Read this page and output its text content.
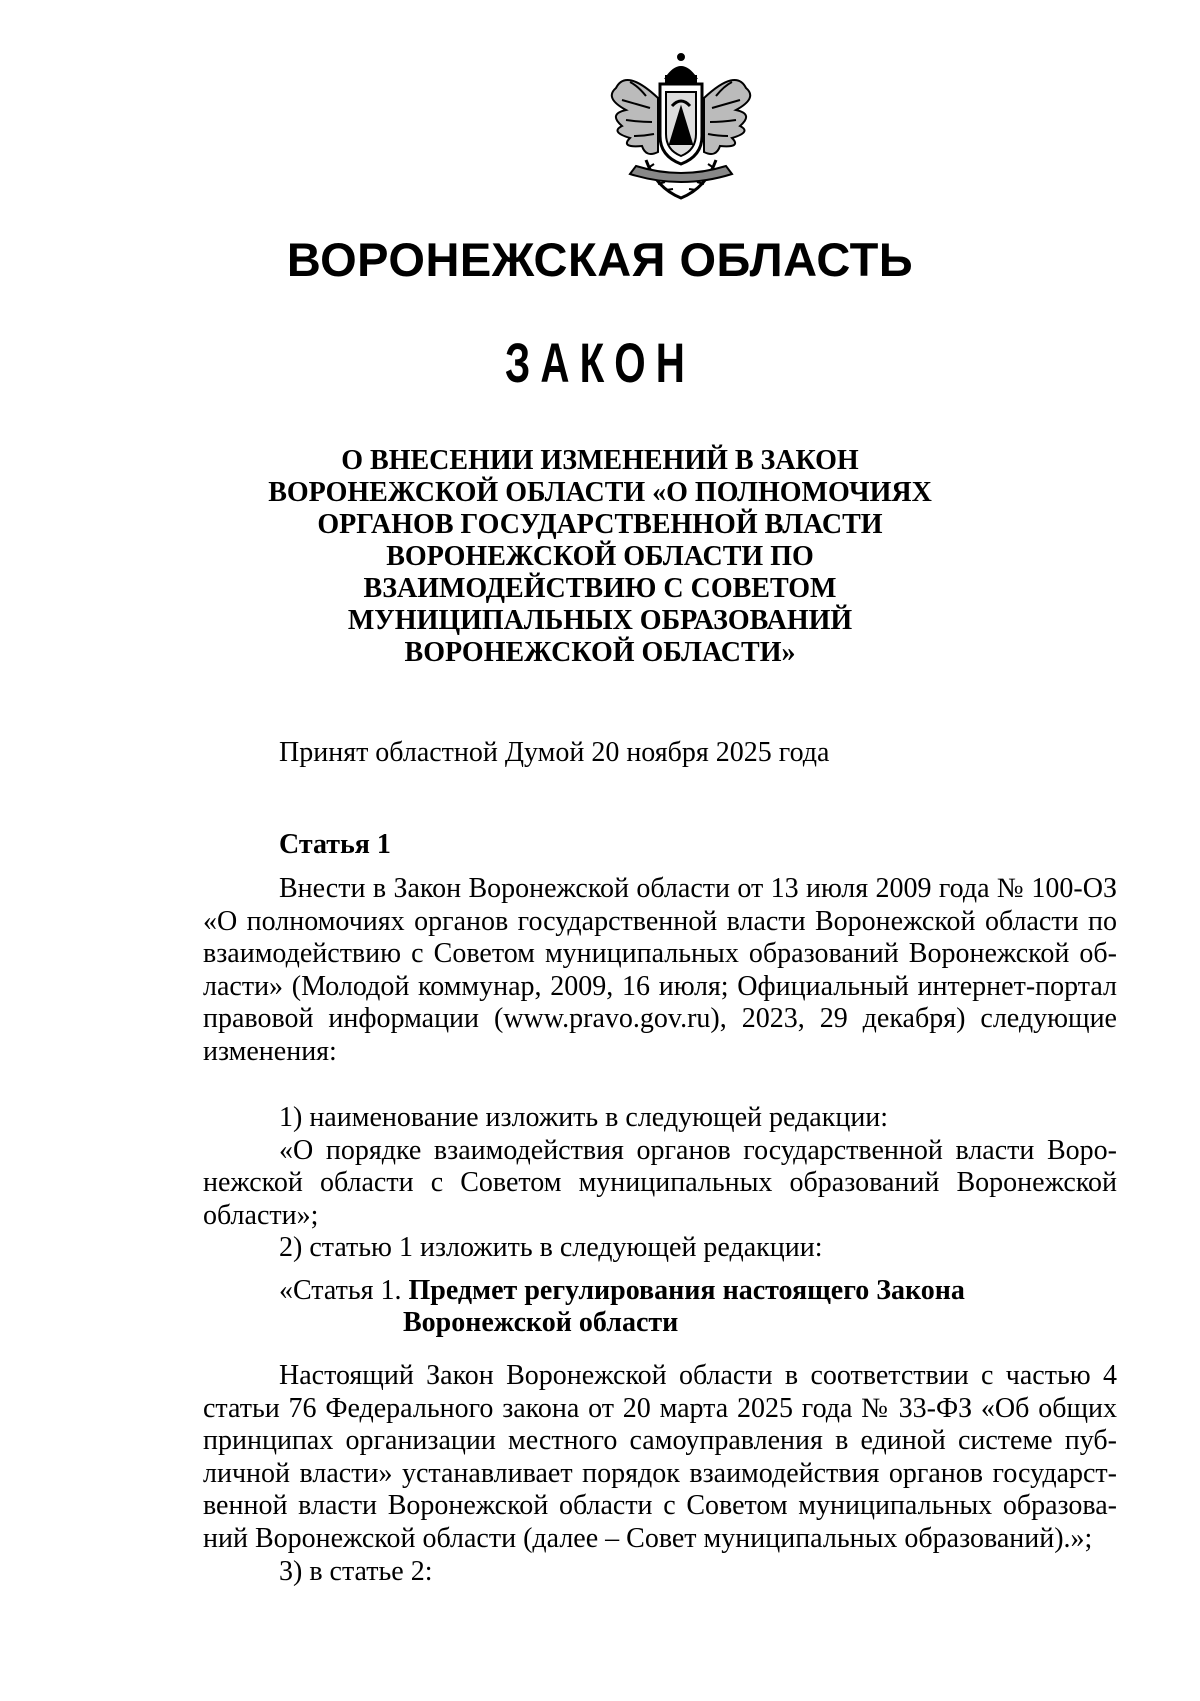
ВОРОНЕЖСКАЯ ОБЛАСТЬ
ЗАКОН
О ВНЕСЕНИИ ИЗМЕНЕНИЙ В ЗАКОН
ВОРОНЕЖСКОЙ ОБЛАСТИ «О ПОЛНОМОЧИЯХ
ОРГАНОВ ГОСУДАРСТВЕННОЙ ВЛАСТИ
ВОРОНЕЖСКОЙ ОБЛАСТИ ПО
ВЗАИМОДЕЙСТВИЮ С СОВЕТОМ
МУНИЦИПАЛЬНЫХ ОБРАЗОВАНИЙ
ВОРОНЕЖСКОЙ ОБЛАСТИ»
Принят областной Думой 20 ноября 2025 года
Статья 1
Внести в Закон Воронежской области от 13 июля 2009 года № 100-ОЗ
«О полномочиях органов государственной власти Воронежской области по
взаимодействию с Советом муниципальных образований Воронежской об-
ласти» (Молодой коммунар, 2009, 16 июля; Официальный интернет-портал
правовой информации (www.pravo.gov.ru), 2023, 29 декабря) следующие
изменения:
1) наименование изложить в следующей редакции:
«О порядке взаимодействия органов государственной власти Воро-
нежской области с Советом муниципальных образований Воронежской
области»;
2) статью 1 изложить в следующей редакции:
«Статья 1. Предмет регулирования настоящего Закона
Воронежской области
Настоящий Закон Воронежской области в соответствии с частью 4
статьи 76 Федерального закона от 20 марта 2025 года № 33-ФЗ «Об общих
принципах организации местного самоуправления в единой системе пуб-
личной власти» устанавливает порядок взаимодействия органов государст-
венной власти Воронежской области с Советом муниципальных образова-
ний Воронежской области (далее – Совет муниципальных образований).»;
3) в статье 2:
